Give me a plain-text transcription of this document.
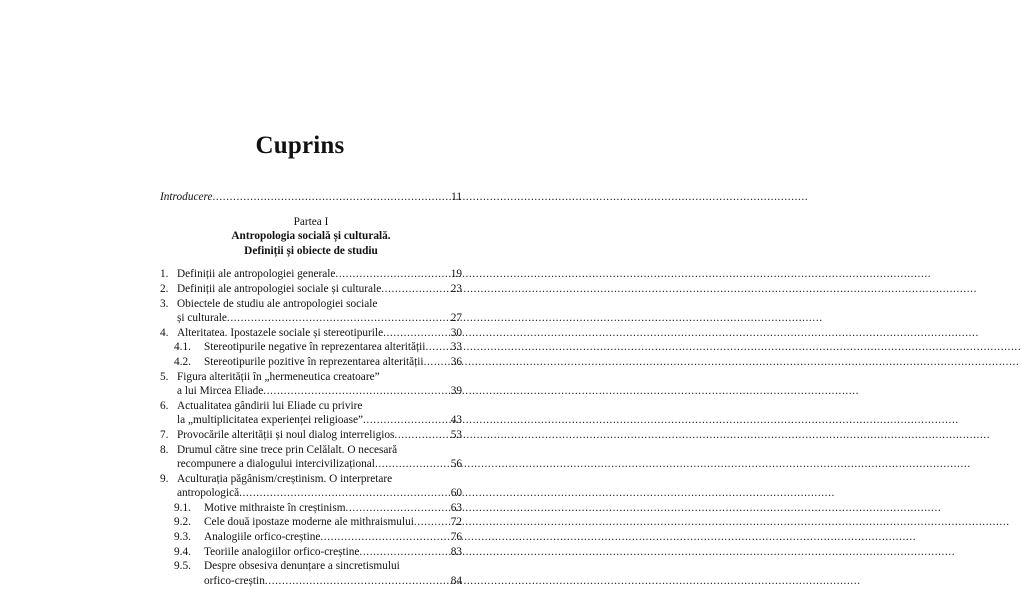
Cuprins
Introducere .....	11
Partea I
Antropologia socială și culturală.
Definiții și obiecte de studiu
1. Definiții ale antropologiei generale .....	19
2. Definiții ale antropologiei sociale și culturale .....	23
3. Obiectele de studiu ale antropologiei sociale
și culturale .....	27
4. Alteritatea. Ipostazele sociale și stereotipurile .....	30
4.1.	Stereotipurile negative în reprezentarea alterității ..... 33
4.2.	Stereotipurile pozitive în reprezentarea alterității ..... 36
5. Figura alterității în „hermeneutica creatoare”
a lui Mircea Eliade .....	39
6. Actualitatea gândirii lui Eliade cu privire
la „multiplicitatea experienței religioase” .....	43
7. Provocările alterității și noul dialog interreligios .....	53
8. Drumul către sine trece prin Celălalt. O necesară
recompunere a dialogului intercivilizațional .....	56
9. Aculturația păgânism/creștinism. O interpretare
antropologică .....	60
9.1.	Motive mithraiste în creștinism .....	63
9.2.	Cele două ipostaze moderne ale mithraismului .....	72
9.3.	Analogiile orfico-creștine .....	76
9.4.	Teoriile analogiilor orfico-creștine .....	83
9.5.	Despre obsesiva denunțare a sincretismului
orfico-creștin .....	84
